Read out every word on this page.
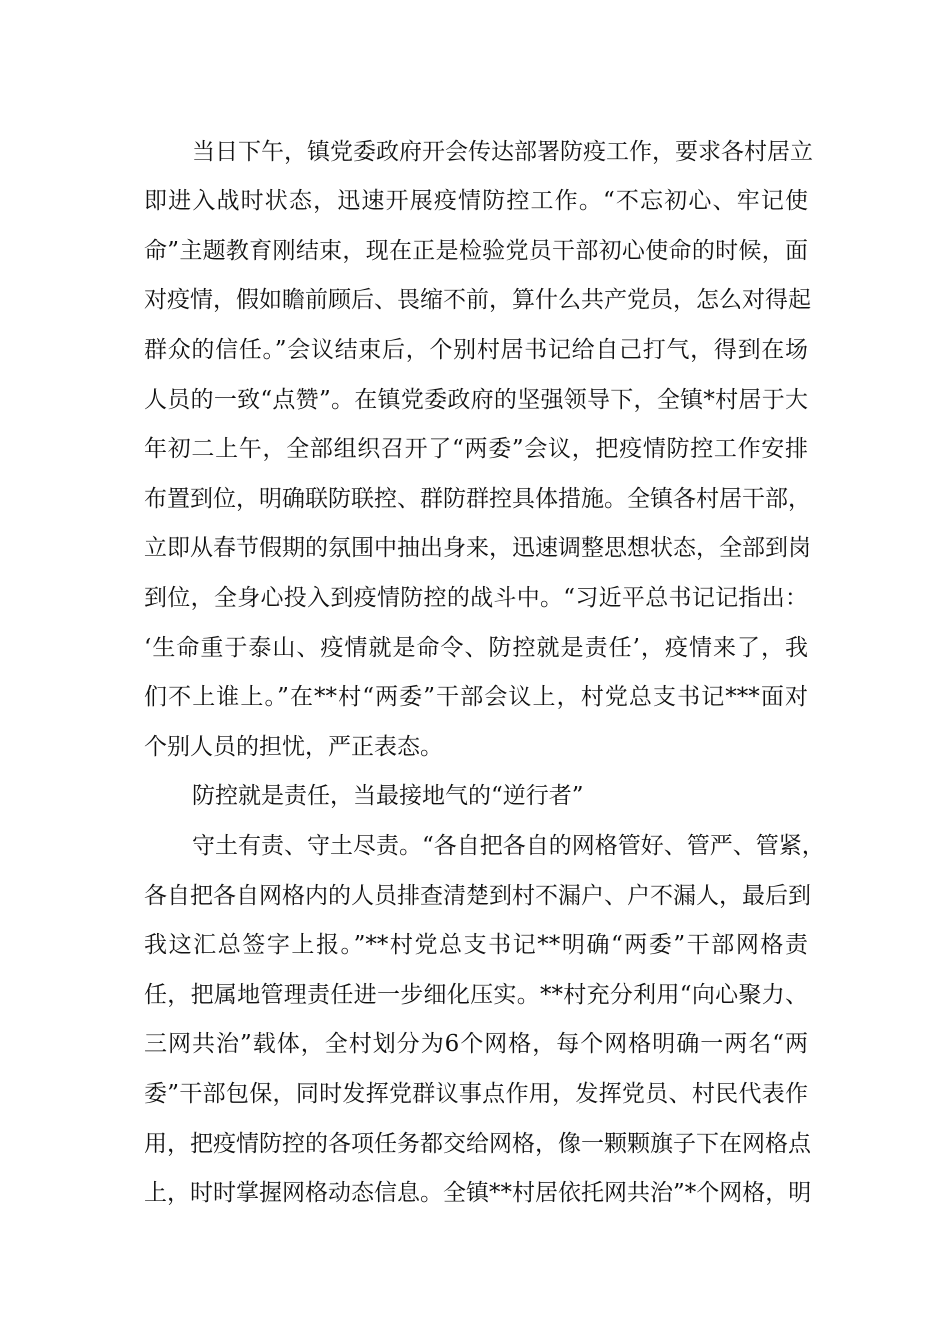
当日下午，镇党委政府开会传达部署防疫工作，要求各村居立
即进入战时状态，迅速开展疫情防控工作。“不忘初心、牢记使
命”主题教育刚结束，现在正是检验党员干部初心使命的时候，面
对疫情，假如瞻前顾后、畏缩不前，算什么共产党员，怎么对得起
群众的信任。”会议结束后，个别村居书记给自己打气，得到在场
人员的一致“点赞”。在镇党委政府的坚强领导下，全镇*村居于大
年初二上午，全部组织召开了“两委”会议，把疫情防控工作安排
布置到位，明确联防联控、群防群控具体措施。全镇各村居干部，
立即从春节假期的氛围中抽出身来，迅速调整思想状态，全部到岗
到位，全身心投入到疫情防控的战斗中。“习近平总书记记指出：
‘生命重于泰山、疫情就是命令、防控就是责任’，疫情来了，我
们不上谁上。”在**村“两委”干部会议上，村党总支书记***面对
个别人员的担忧，严正表态。
防控就是责任，当最接地气的“逆行者”
守土有责、守土尽责。“各自把各自的网格管好、管严、管紧，
各自把各自网格内的人员排查清楚到村不漏户、户不漏人，最后到
我这汇总签字上报。”**村党总支书记**明确“两委”干部网格责
任，把属地管理责任进一步细化压实。**村充分利用“向心聚力、
三网共治”载体，全村划分为6个网格，每个网格明确一两名“两
委”干部包保，同时发挥党群议事点作用，发挥党员、村民代表作
用，把疫情防控的各项任务都交给网格，像一颗颗旗子下在网格点
上，时时掌握网格动态信息。全镇**村居依托网共治”*个网格，明
